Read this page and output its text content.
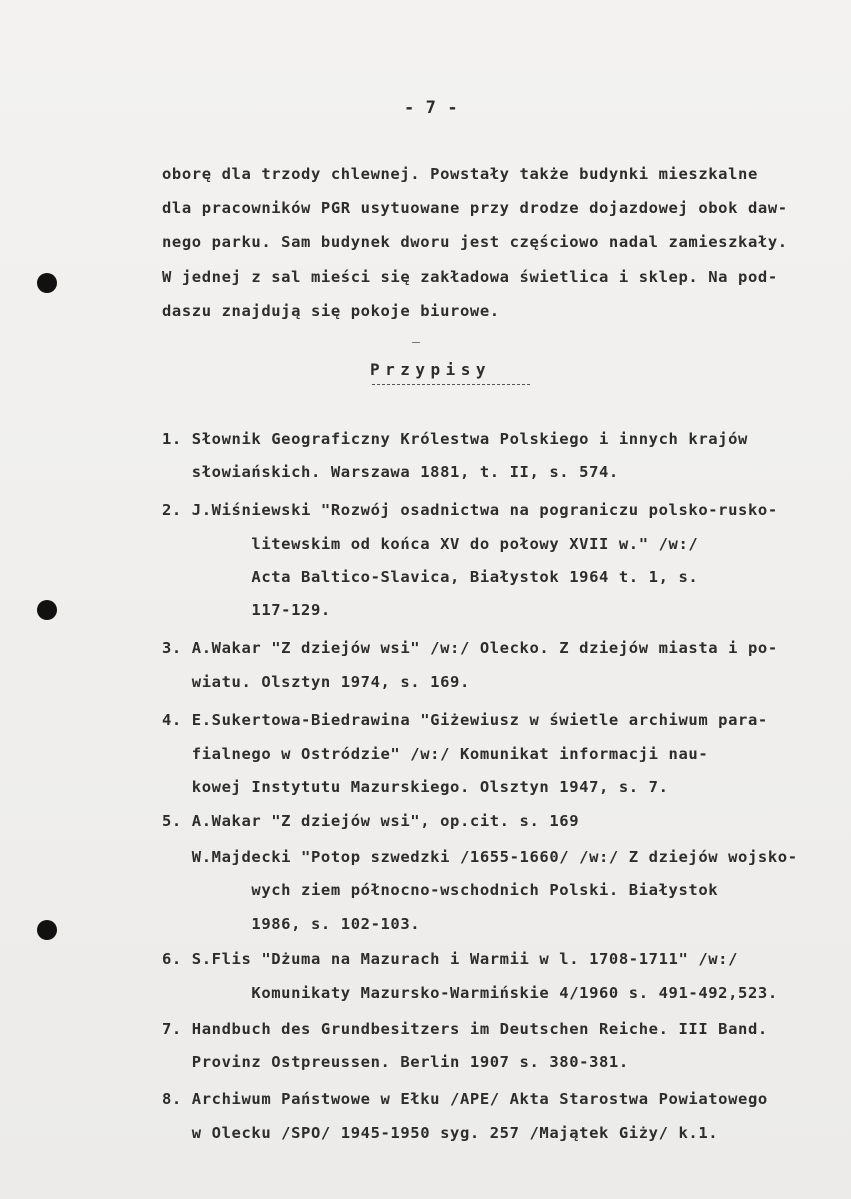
- 7 -
oborę dla trzody chlewnej. Powstały także budynki mieszkalne
dla pracowników PGR usytuowane przy drodze dojazdowej obok daw-
nego parku. Sam budynek dworu jest częściowo nadal zamieszkały.
W jednej z sal mieści się zakładowa świetlica i sklep. Na pod-
daszu znajdują się pokoje biurowe.
Przypisy
1. Słownik Geograficzny Królestwa Polskiego i innych krajów
słowiańskich. Warszawa 1881, t. II, s. 574.
2. J.Wiśniewski "Rozwój osadnictwa na pograniczu polsko-rusko-
litewskim od końca XV do połowy XVII w." /w:/
Acta Baltico-Slavica, Białystok 1964 t. 1, s.
117-129.
3. A.Wakar "Z dziejów wsi" /w:/ Olecko. Z dziejów miasta i po-
wiatu. Olsztyn 1974, s. 169.
4. E.Sukertowa-Biedrawina "Giżewiusz w świetle archiwum para-
fialnego w Ostródzie" /w:/ Komunikat informacji nau-
kowej Instytutu Mazurskiego. Olsztyn 1947, s. 7.
5. A.Wakar "Z dziejów wsi", op.cit. s. 169
W.Majdecki "Potop szwedzki /1655-1660/ /w:/ Z dziejów wojsko-
wych ziem północno-wschodnich Polski. Białystok
1986, s. 102-103.
6. S.Flis "Dżuma na Mazurach i Warmii w l. 1708-1711" /w:/
Komunikaty Mazursko-Warmińskie 4/1960 s. 491-492,523.
7. Handbuch des Grundbesitzers im Deutschen Reiche. III Band.
Provinz Ostpreussen. Berlin 1907 s. 380-381.
8. Archiwum Państwowe w Ełku /APE/ Akta Starostwa Powiatowego
w Olecku /SPO/ 1945-1950 syg. 257 /Majątek Giży/ k.1.
